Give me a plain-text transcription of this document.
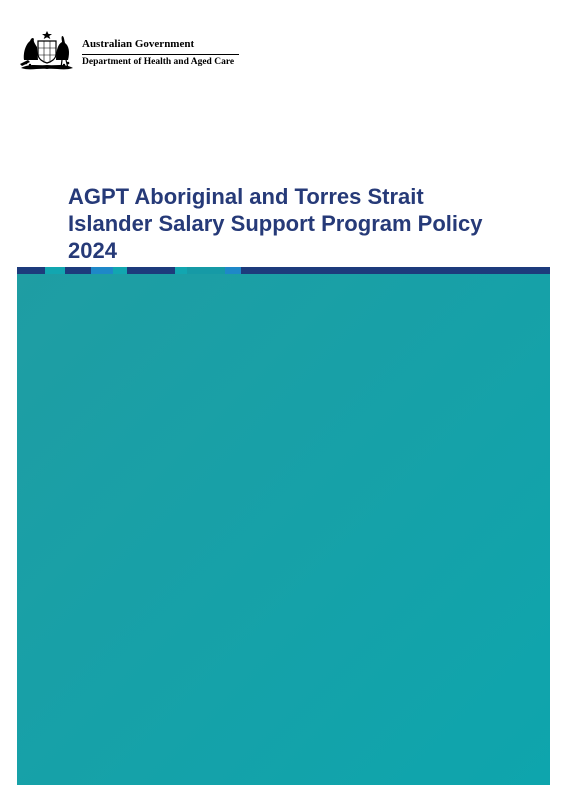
Australian Government
Department of Health and Aged Care
AGPT Aboriginal and Torres Strait
Islander Salary Support Program Policy
2024
